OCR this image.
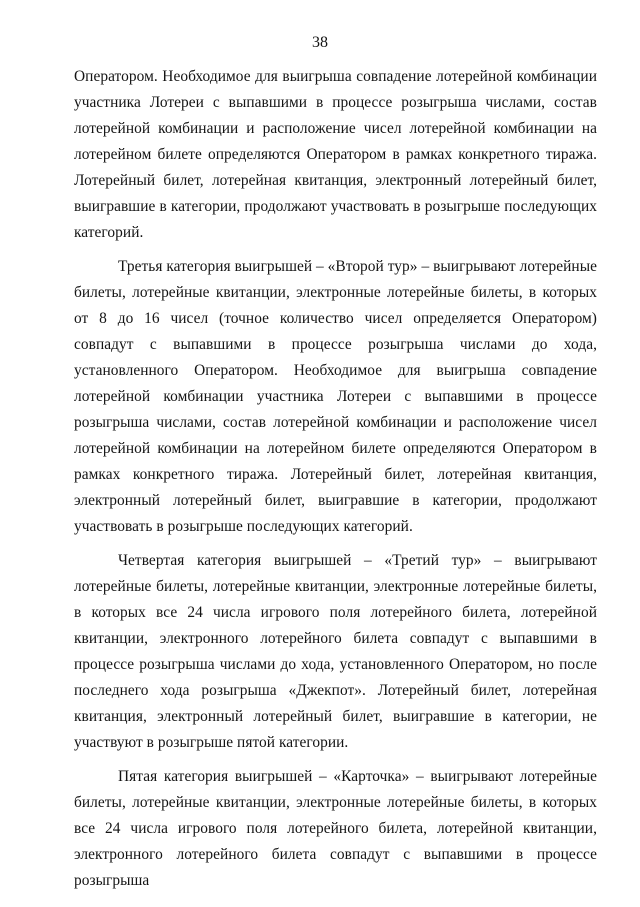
38

Оператором. Необходимое для выигрыша совпадение лотерейной комбинации участника Лотереи с выпавшими в процессе розыгрыша числами, состав лотерейной комбинации и расположение чисел лотерейной комбинации на лотерейном билете определяются Оператором в рамках конкретного тиража. Лотерейный билет, лотерейная квитанция, электронный лотерейный билет, выигравшие в категории, продолжают участвовать в розыгрыше последующих категорий.

Третья категория выигрышей – «Второй тур» – выигрывают лотерейные билеты, лотерейные квитанции, электронные лотерейные билеты, в которых от 8 до 16 чисел (точное количество чисел определяется Оператором) совпадут с выпавшими в процессе розыгрыша числами до хода, установленного Оператором. Необходимое для выигрыша совпадение лотерейной комбинации участника Лотереи с выпавшими в процессе розыгрыша числами, состав лотерейной комбинации и расположение чисел лотерейной комбинации на лотерейном билете определяются Оператором в рамках конкретного тиража. Лотерейный билет, лотерейная квитанция, электронный лотерейный билет, выигравшие в категории, продолжают участвовать в розыгрыше последующих категорий.

Четвертая категория выигрышей – «Третий тур» – выигрывают лотерейные билеты, лотерейные квитанции, электронные лотерейные билеты, в которых все 24 числа игрового поля лотерейного билета, лотерейной квитанции, электронного лотерейного билета совпадут с выпавшими в процессе розыгрыша числами до хода, установленного Оператором, но после последнего хода розыгрыша «Джекпот». Лотерейный билет, лотерейная квитанция, электронный лотерейный билет, выигравшие в категории, не участвуют в розыгрыше пятой категории.

Пятая категория выигрышей – «Карточка» – выигрывают лотерейные билеты, лотерейные квитанции, электронные лотерейные билеты, в которых все 24 числа игрового поля лотерейного билета, лотерейной квитанции, электронного лотерейного билета совпадут с выпавшими в процессе розыгрыша
